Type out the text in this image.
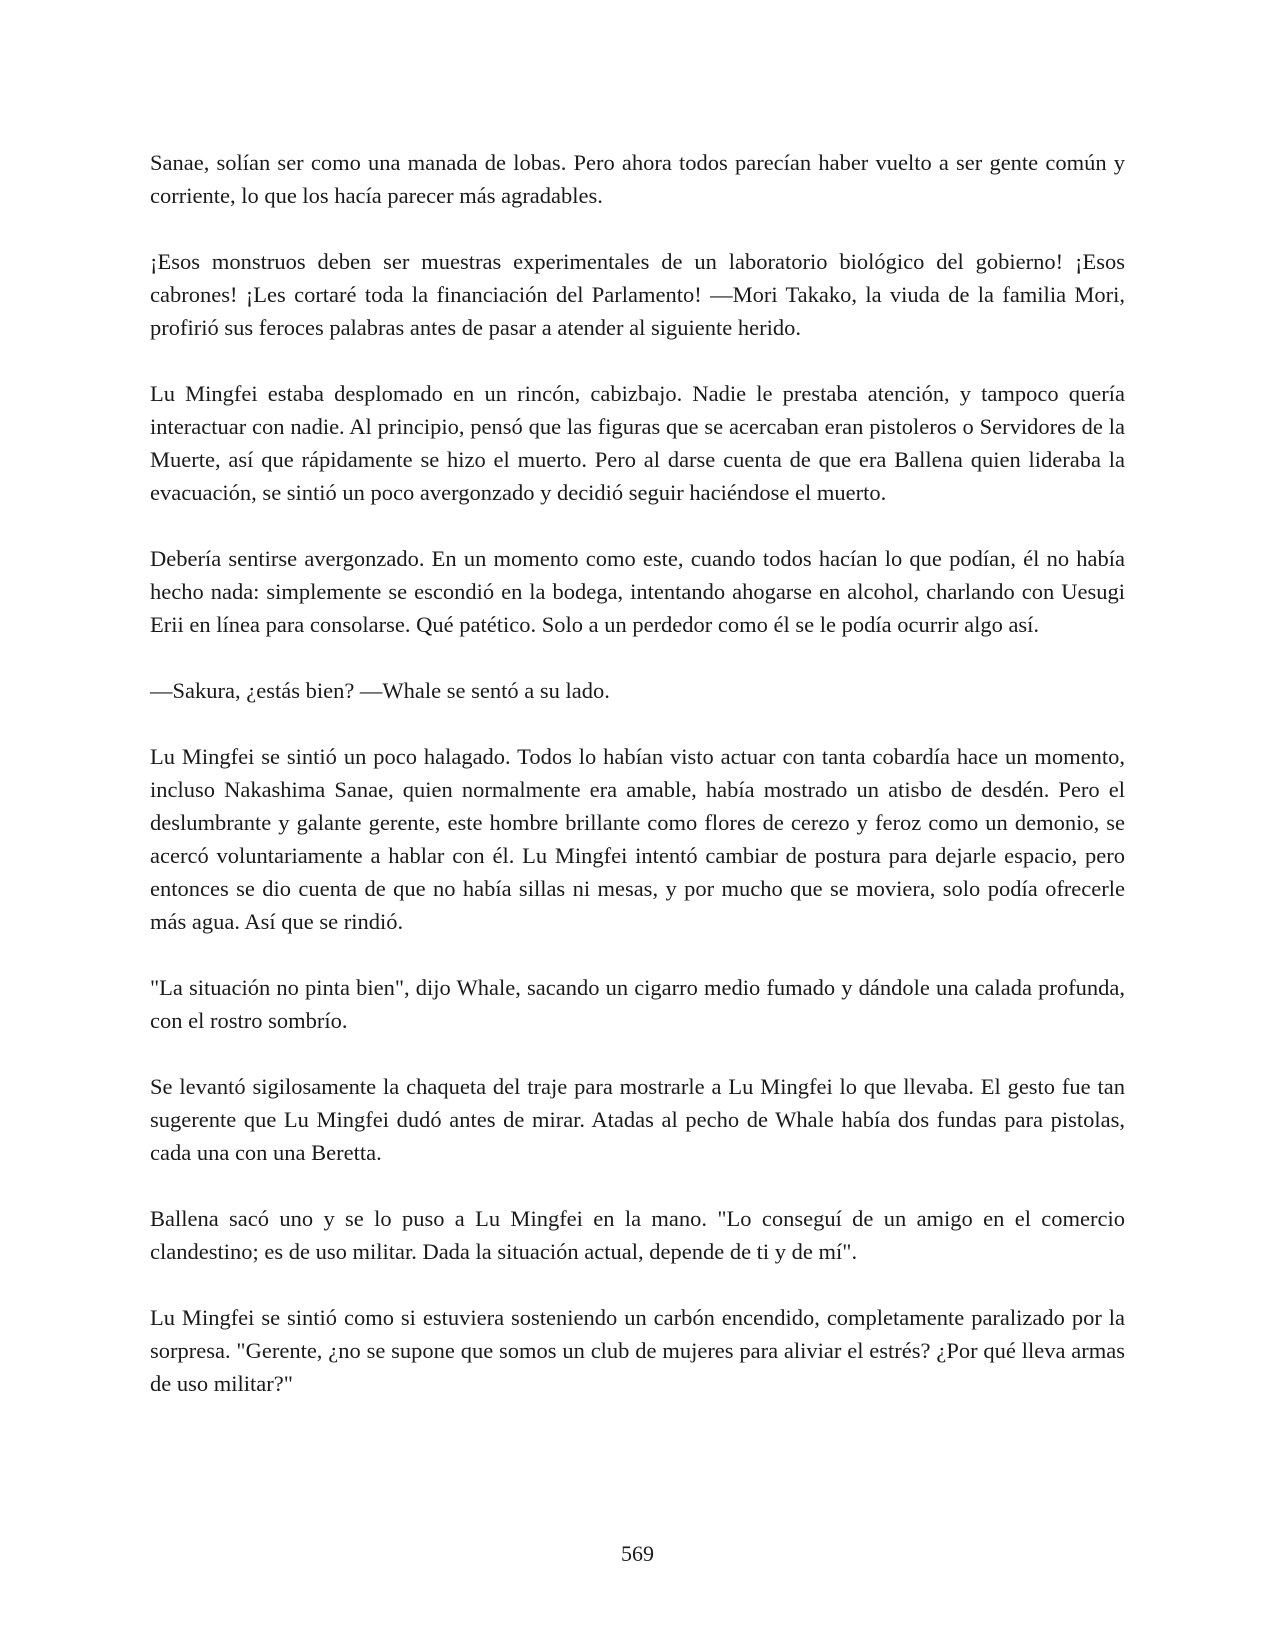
Sanae, solían ser como una manada de lobas. Pero ahora todos parecían haber vuelto a ser gente común y corriente, lo que los hacía parecer más agradables.

¡Esos monstruos deben ser muestras experimentales de un laboratorio biológico del gobierno! ¡Esos cabrones! ¡Les cortaré toda la financiación del Parlamento! —Mori Takako, la viuda de la familia Mori, profirió sus feroces palabras antes de pasar a atender al siguiente herido.

Lu Mingfei estaba desplomado en un rincón, cabizbajo. Nadie le prestaba atención, y tampoco quería interactuar con nadie. Al principio, pensó que las figuras que se acercaban eran pistoleros o Servidores de la Muerte, así que rápidamente se hizo el muerto. Pero al darse cuenta de que era Ballena quien lideraba la evacuación, se sintió un poco avergonzado y decidió seguir haciéndose el muerto.

Debería sentirse avergonzado. En un momento como este, cuando todos hacían lo que podían, él no había hecho nada: simplemente se escondió en la bodega, intentando ahogarse en alcohol, charlando con Uesugi Erii en línea para consolarse. Qué patético. Solo a un perdedor como él se le podía ocurrir algo así.

—Sakura, ¿estás bien? —Whale se sentó a su lado.

Lu Mingfei se sintió un poco halagado. Todos lo habían visto actuar con tanta cobardía hace un momento, incluso Nakashima Sanae, quien normalmente era amable, había mostrado un atisbo de desdén. Pero el deslumbrante y galante gerente, este hombre brillante como flores de cerezo y feroz como un demonio, se acercó voluntariamente a hablar con él. Lu Mingfei intentó cambiar de postura para dejarle espacio, pero entonces se dio cuenta de que no había sillas ni mesas, y por mucho que se moviera, solo podía ofrecerle más agua. Así que se rindió.

"La situación no pinta bien", dijo Whale, sacando un cigarro medio fumado y dándole una calada profunda, con el rostro sombrío.

Se levantó sigilosamente la chaqueta del traje para mostrarle a Lu Mingfei lo que llevaba. El gesto fue tan sugerente que Lu Mingfei dudó antes de mirar. Atadas al pecho de Whale había dos fundas para pistolas, cada una con una Beretta.

Ballena sacó uno y se lo puso a Lu Mingfei en la mano. "Lo conseguí de un amigo en el comercio clandestino; es de uso militar. Dada la situación actual, depende de ti y de mí".

Lu Mingfei se sintió como si estuviera sosteniendo un carbón encendido, completamente paralizado por la sorpresa. "Gerente, ¿no se supone que somos un club de mujeres para aliviar el estrés? ¿Por qué lleva armas de uso militar?"

569
